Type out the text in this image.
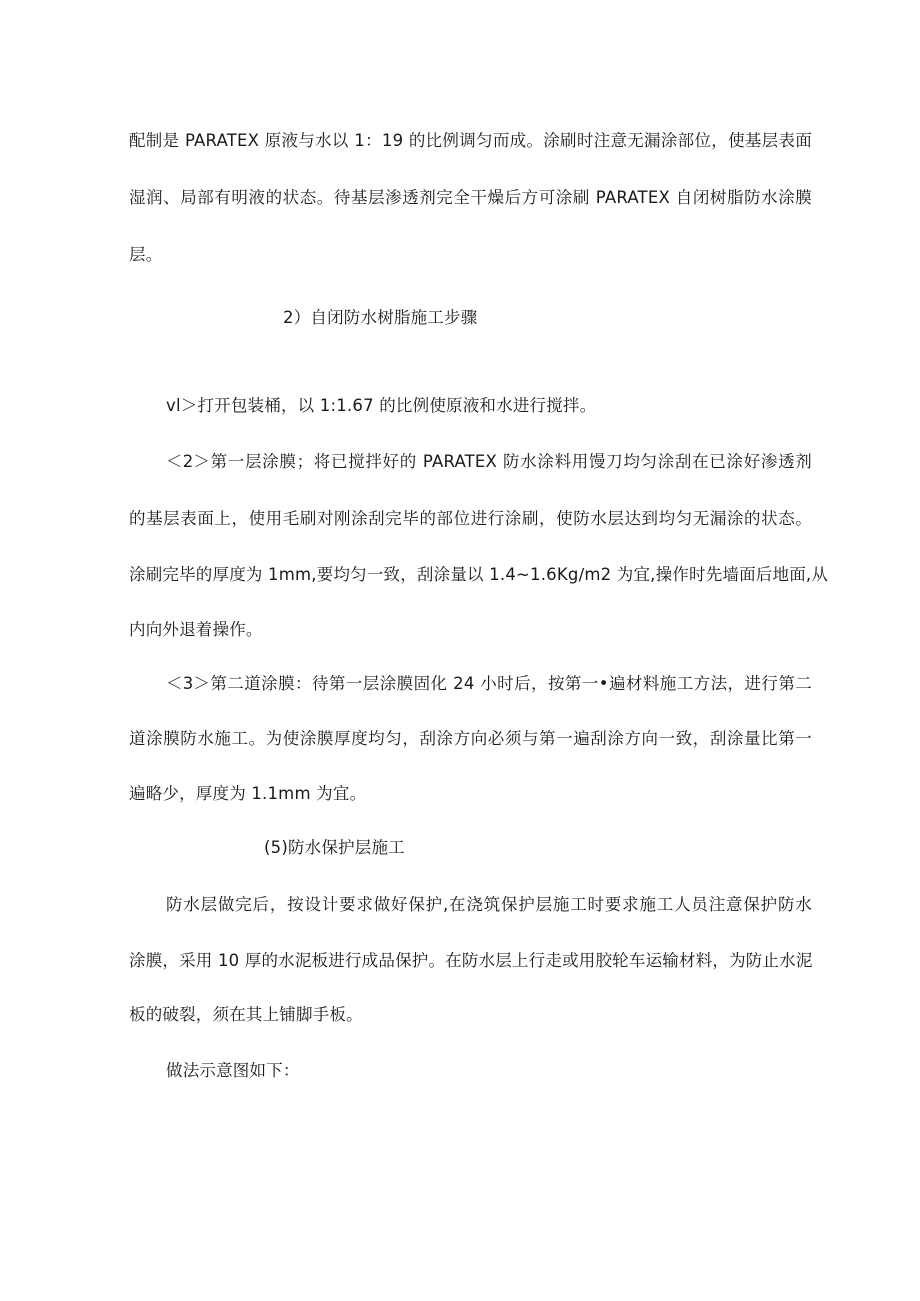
配制是 PARATEX 原液与水以 1：19 的比例调匀而成。涂刷时注意无漏涂部位，使基层表面
湿润、局部有明液的状态。待基层渗透剂完全干燥后方可涂刷 PARATEX 自闭树脂防水涂膜
层。
2）自闭防水树脂施工步骤
vl＞打开包装桶，以 1:1.67 的比例使原液和水进行搅拌。
＜2＞第一层涂膜；将已搅拌好的 PARATEX 防水涂料用馒刀均匀涂刮在已涂好渗透剂
的基层表面上，使用毛刷对刚涂刮完毕的部位进行涂刷，使防水层达到均匀无漏涂的状态。
涂刷完毕的厚度为 1mm,要均匀一致，刮涂量以 1.4~1.6Kg∕m2 为宜,操作时先墙面后地面,从
内向外退着操作。
＜3＞第二道涂膜：待第一层涂膜固化 24 小时后，按第一•遍材料施工方法，进行第二
道涂膜防水施工。为使涂膜厚度均匀，刮涂方向必须与第一遍刮涂方向一致，刮涂量比第一
遍略少，厚度为 1.1mm 为宜。
(5)防水保护层施工
防水层做完后，按设计要求做好保护,在浇筑保护层施工时要求施工人员注意保护防水
涂膜，采用 10 厚的水泥板进行成品保护。在防水层上行走或用胶轮车运输材料，为防止水泥
板的破裂，须在其上铺脚手板。
做法示意图如下：
